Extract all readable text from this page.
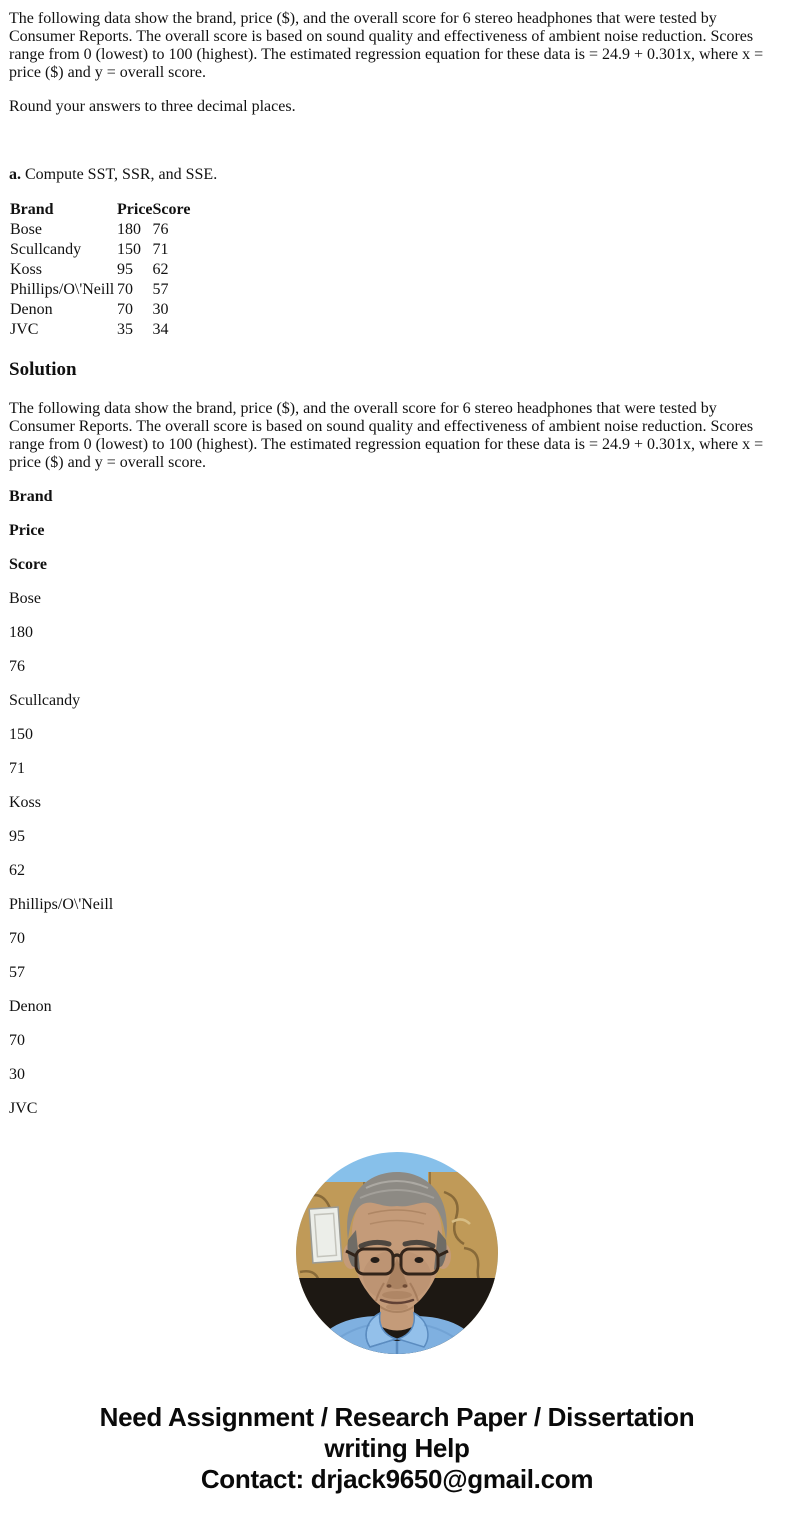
The following data show the brand, price ($), and the overall score for 6 stereo headphones that were tested by Consumer Reports. The overall score is based on sound quality and effectiveness of ambient noise reduction. Scores range from 0 (lowest) to 100 (highest). The estimated regression equation for these data is = 24.9 + 0.301x, where x = price ($) and y = overall score.

Round your answers to three decimal places.

a. Compute SST, SSR, and SSE.

Brand	Price	Score
Bose	180	76
Scullcandy	150	71
Koss	95	62
Phillips/O\'Neill	70	57
Denon	70	30
JVC	35	34
Solution

The following data show the brand, price ($), and the overall score for 6 stereo headphones that were tested by Consumer Reports. The overall score is based on sound quality and effectiveness of ambient noise reduction. Scores range from 0 (lowest) to 100 (highest). The estimated regression equation for these data is = 24.9 + 0.301x, where x = price ($) and y = overall score.

Brand

Price

Score

Bose

180

76

Scullcandy

150

71

Koss

95

62

Phillips/O\'Neill

70

57

Denon

70

30

JVC

Need Assignment / Research Paper / Dissertation
writing Help
Contact: drjack9650@gmail.com
